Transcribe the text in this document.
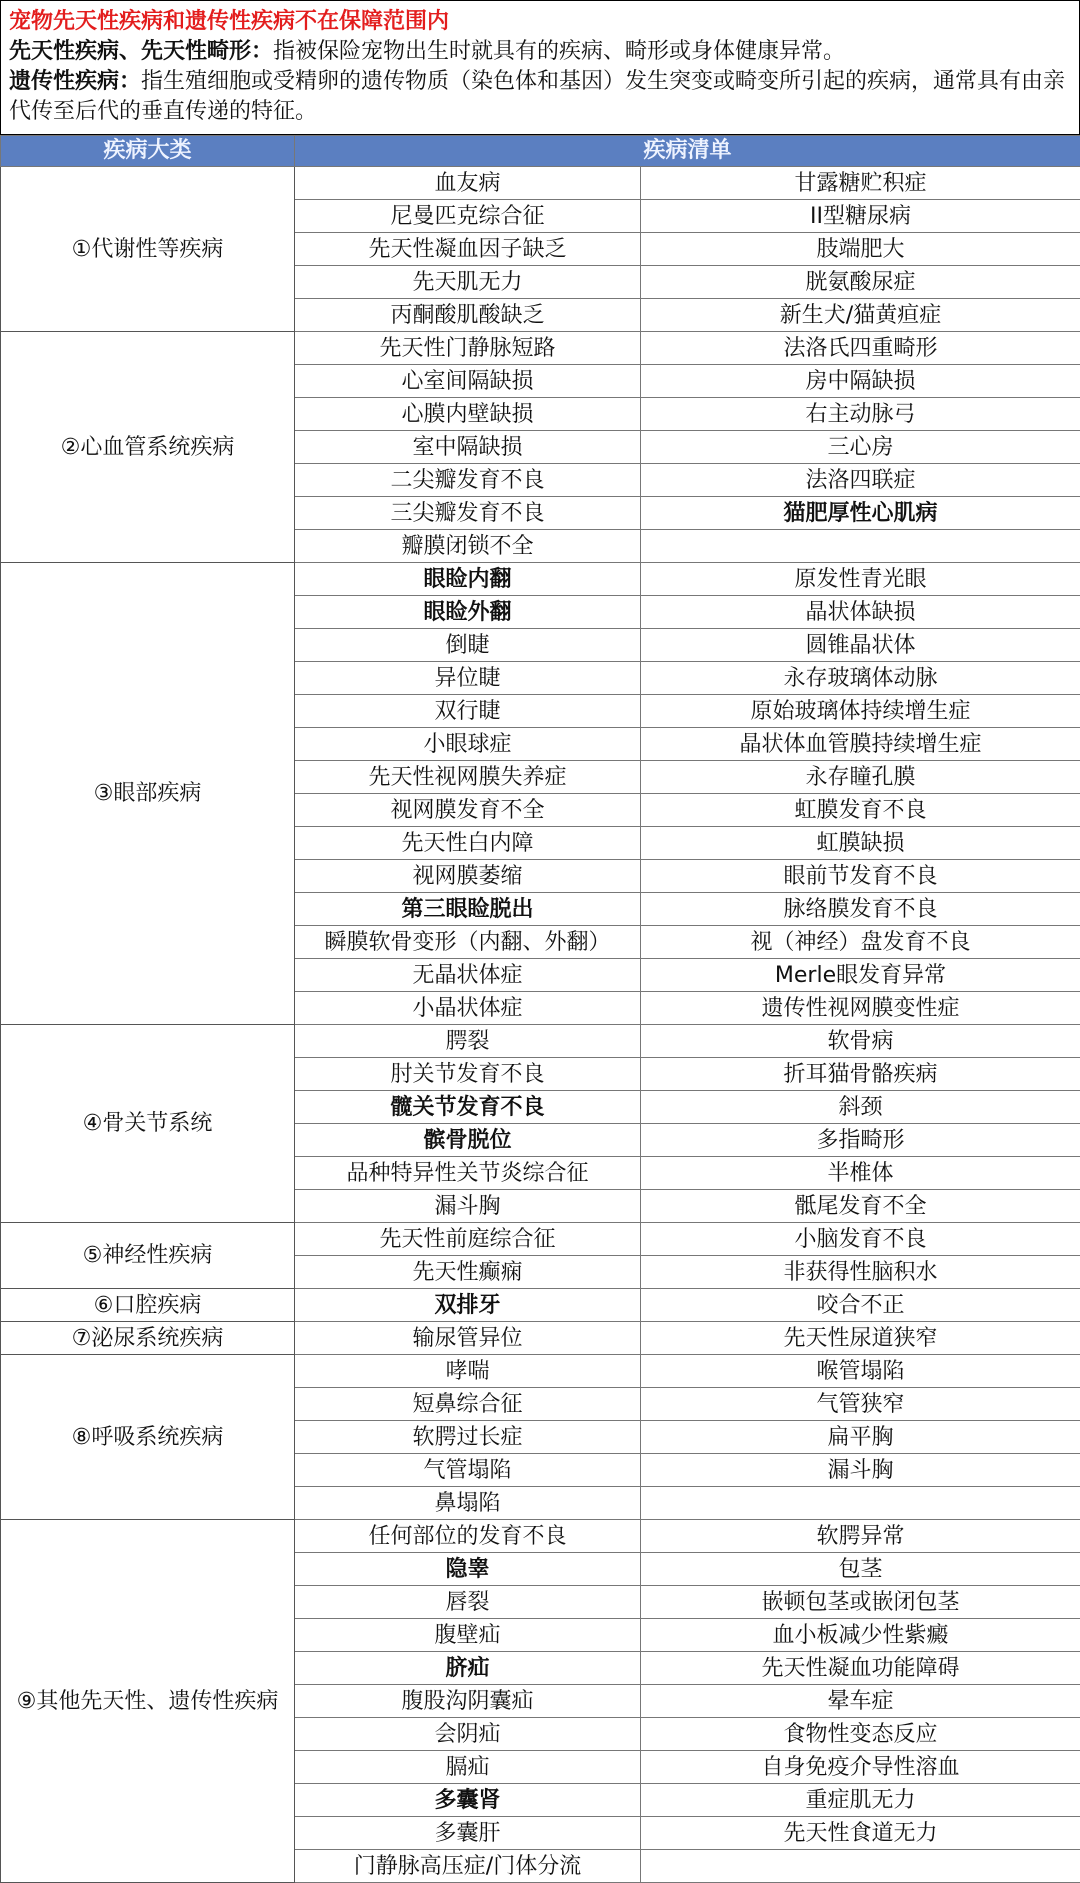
宠物先天性疾病和遗传性疾病不在保障范围内
先天性疾病、先天性畸形：指被保险宠物出生时就具有的疾病、畸形或身体健康异常。
遗传性疾病：指生殖细胞或受精卵的遗传物质（染色体和基因）发生突变或畸变所引起的疾病，通常具有由亲代传至后代的垂直传递的特征。
疾病大类	疾病清单	
①代谢性等疾病	血友病	甘露糖贮积症
	尼曼匹克综合征	II型糖尿病
	先天性凝血因子缺乏	肢端肥大
	先天肌无力	胱氨酸尿症
	丙酮酸肌酸缺乏	新生犬/猫黄疸症
②心血管系统疾病	先天性门静脉短路	法洛氏四重畸形
	心室间隔缺损	房中隔缺损
	心膜内壁缺损	右主动脉弓
	室中隔缺损	三心房
	二尖瓣发育不良	法洛四联症
	三尖瓣发育不良	猫肥厚性心肌病
	瓣膜闭锁不全	
③眼部疾病	眼睑内翻	原发性青光眼
	眼睑外翻	晶状体缺损
	倒睫	圆锥晶状体
	异位睫	永存玻璃体动脉
	双行睫	原始玻璃体持续增生症
	小眼球症	晶状体血管膜持续增生症
	先天性视网膜失养症	永存瞳孔膜
	视网膜发育不全	虹膜发育不良
	先天性白内障	虹膜缺损
	视网膜萎缩	眼前节发育不良
	第三眼睑脱出	脉络膜发育不良
	瞬膜软骨变形（内翻、外翻）	视（神经）盘发育不良
	无晶状体症	Merle眼发育异常
	小晶状体症	遗传性视网膜变性症
④骨关节系统	腭裂	软骨病
	肘关节发育不良	折耳猫骨骼疾病
	髋关节发育不良	斜颈
	髌骨脱位	多指畸形
	品种特异性关节炎综合征	半椎体
	漏斗胸	骶尾发育不全
⑤神经性疾病	先天性前庭综合征	小脑发育不良
	先天性癫痫	非获得性脑积水
⑥口腔疾病	双排牙	咬合不正
⑦泌尿系统疾病	输尿管异位	先天性尿道狭窄
⑧呼吸系统疾病	哮喘	喉管塌陷
	短鼻综合征	气管狭窄
	软腭过长症	扁平胸
	气管塌陷	漏斗胸
	鼻塌陷	
⑨其他先天性、遗传性疾病	任何部位的发育不良	软腭异常
	隐睾	包茎
	唇裂	嵌顿包茎或嵌闭包茎
	腹壁疝	血小板减少性紫癜
	脐疝	先天性凝血功能障碍
	腹股沟阴囊疝	晕车症
	会阴疝	食物性变态反应
	膈疝	自身免疫介导性溶血
	多囊肾	重症肌无力
	多囊肝	先天性食道无力
	门静脉高压症/门体分流	
